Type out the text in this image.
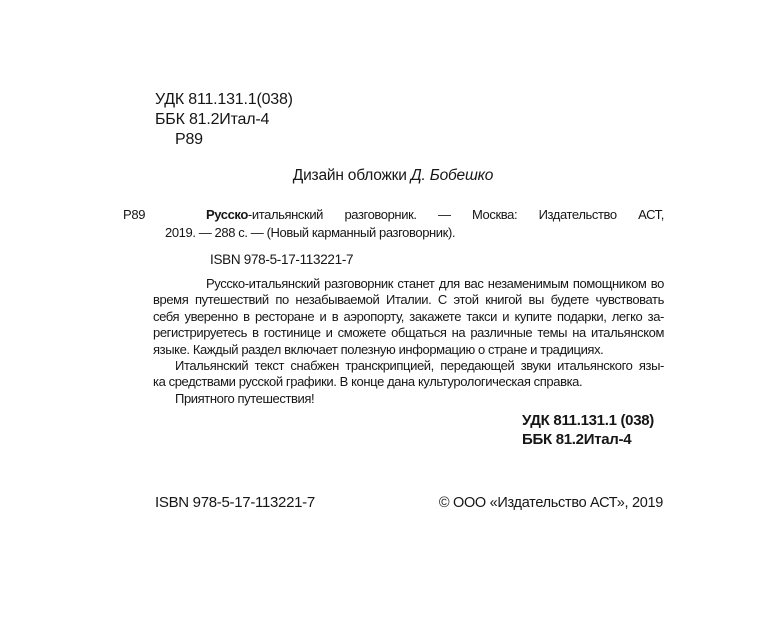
УДК 811.131.1(038)
ББК 81.2Итал-4
Р89
Дизайн обложки Д. Бобешко
Р89	Русско-итальянский разговорник. — Москва: Издательство АСТ,
2019. — 288 с. — (Новый карманный разговорник).
ISBN 978-5-17-113221-7
Русско-итальянский разговорник станет для вас незаменимым помощником во
время путешествий по незабываемой Италии. С этой книгой вы будете чувствовать
себя уверенно в ресторане и в аэропорту, закажете такси и купите подарки, легко за-
регистрируетесь в гостинице и сможете общаться на различные темы на итальянском
языке. Каждый раздел включает полезную информацию о стране и традициях.
Итальянский текст снабжен транскрипцией, передающей звуки итальянского язы-
ка средствами русской графики. В конце дана культурологическая справка.
Приятного путешествия!
УДК 811.131.1 (038)
ББК 81.2Итал-4
ISBN 978-5-17-113221-7	© ООО «Издательство АСТ», 2019
